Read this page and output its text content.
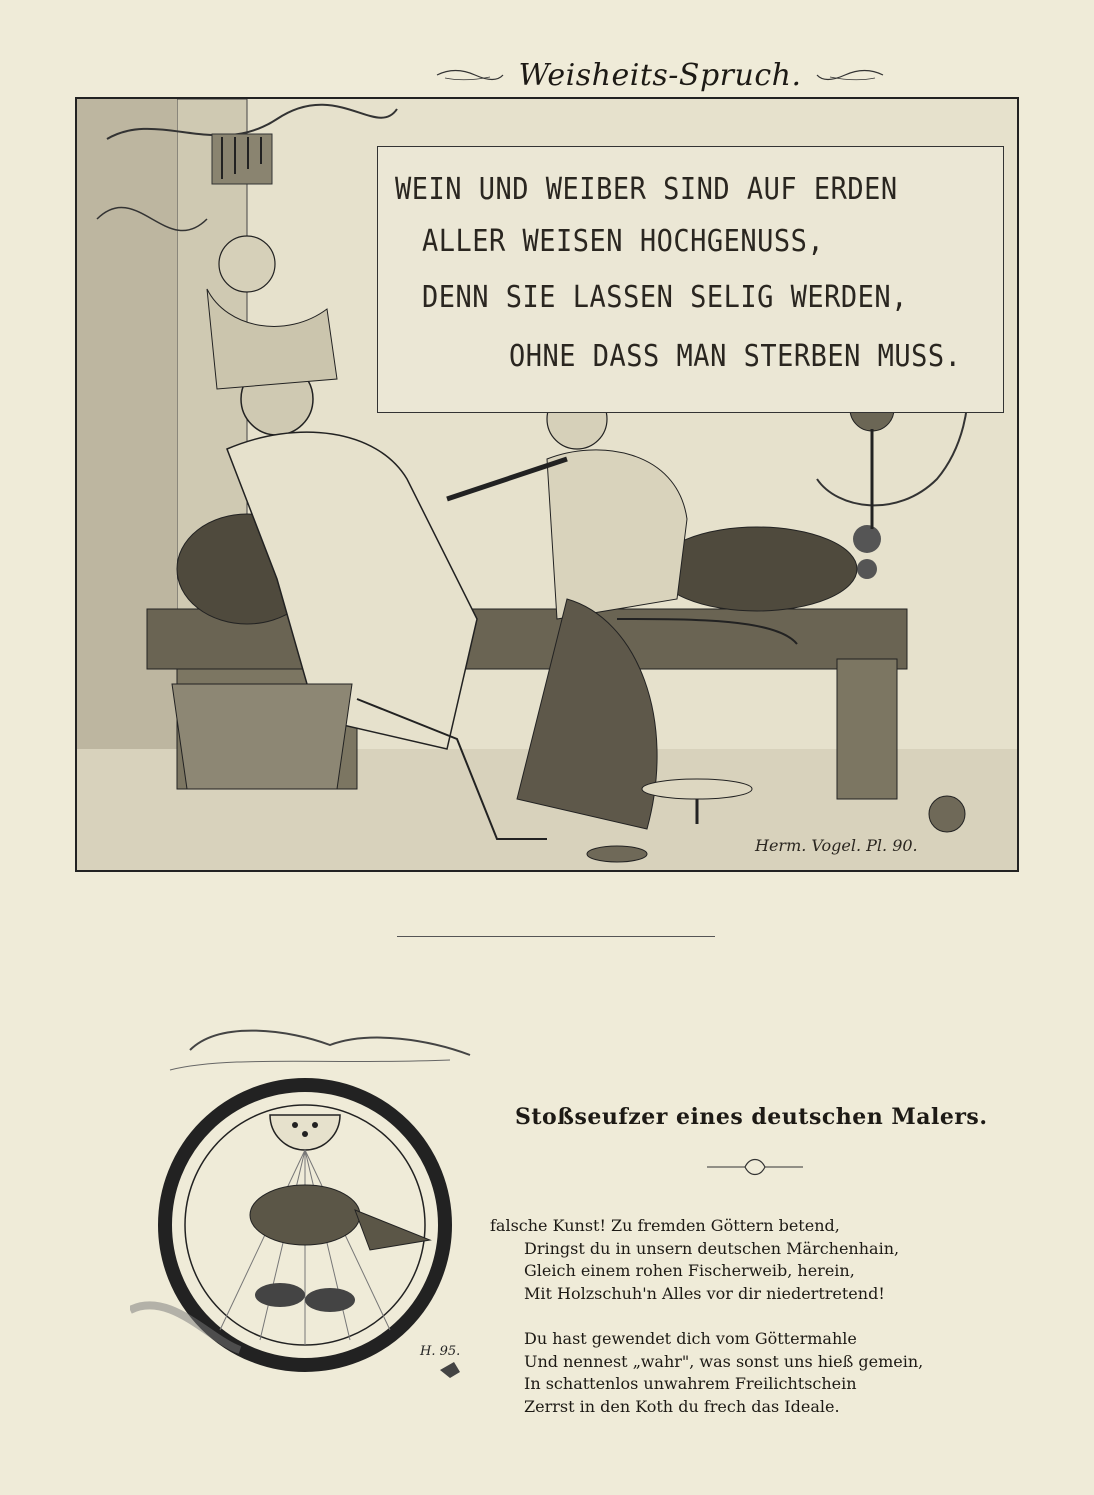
Weisheits-Spruch.
WEIN UND WEIBER SIND AUF ERDEN
ALLER WEISEN HOCHGENUSS,
DENN SIE LASSEN SELIG WERDEN,
OHNE DASS MAN STERBEN MUSS.
Herm. Vogel. Pl. 90.
H. 95.
Stoßseufzer eines deutschen Malers.
falsche Kunst! Zu fremden Göttern betend,
Dringst du in unsern deutschen Märchenhain,
Gleich einem rohen Fischerweib, herein,
Mit Holzschuh'n Alles vor dir niedertretend!
Du hast gewendet dich vom Göttermahle
Und nennest „wahr", was sonst uns hieß gemein,
In schattenlos unwahrem Freilichtschein
Zerrst in den Koth du frech das Ideale.
